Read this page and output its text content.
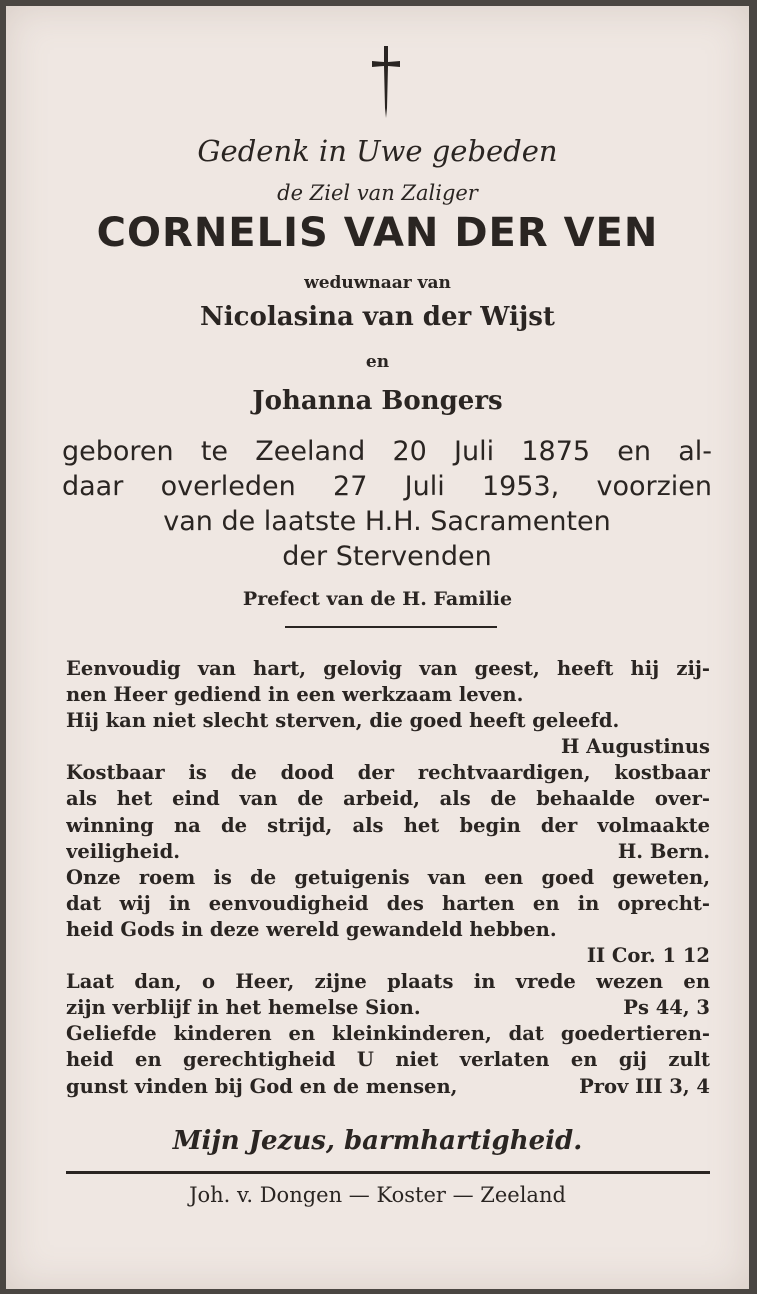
Gedenk in Uwe gebeden
de Ziel van Zaliger
CORNELIS VAN DER VEN
weduwnaar van
Nicolasina van der Wijst
en
Johanna Bongers
geboren te Zeeland 20 Juli 1875 en al-
daar overleden 27 Juli 1953, voorzien
van de laatste H.H. Sacramenten
der Stervenden
Prefect van de H. Familie
Eenvoudig van hart, gelovig van geest, heeft hij zij-
nen Heer gediend in een werkzaam leven.
Hij kan niet slecht sterven, die goed heeft geleefd.
H Augustinus
Kostbaar is de dood der rechtvaardigen, kostbaar
als het eind van de arbeid, als de behaalde over-
winning na de strijd, als het begin der volmaakte
veiligheid.	H. Bern.
Onze roem is de getuigenis van een goed geweten,
dat wij in eenvoudigheid des harten en in oprecht-
heid Gods in deze wereld gewandeld hebben.
II Cor. 1 12
Laat dan, o Heer, zijne plaats in vrede wezen en
zijn verblijf in het hemelse Sion.	Ps 44, 3
Geliefde kinderen en kleinkinderen, dat goedertieren-
heid en gerechtigheid U niet verlaten en gij zult
gunst vinden bij God en de mensen,	Prov III 3, 4
Mijn Jezus, barmhartigheid.
Joh. v. Dongen — Koster — Zeeland
